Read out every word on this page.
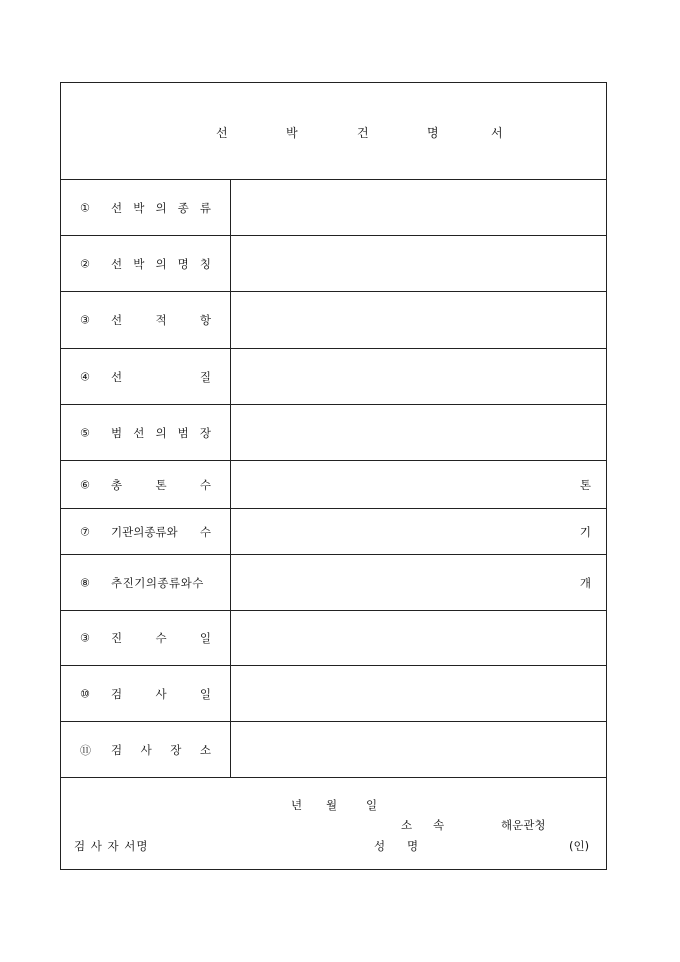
선	박	건	명	서
① 선 박 의 종 류
② 선 박 의 명 칭
③ 선	적	항
④ 선	질
⑤ 범 선 의 범 장
⑥ 총	톤	수	톤
⑦ 기관의종류와 수	기
⑧ 추진기의종류와수	개
③ 진	수	일
⑩ 검	사	일
⑪ 검 사 장 소
년 월	일
소 속	해운관청
검 사 자 서명	성 명	(인)
